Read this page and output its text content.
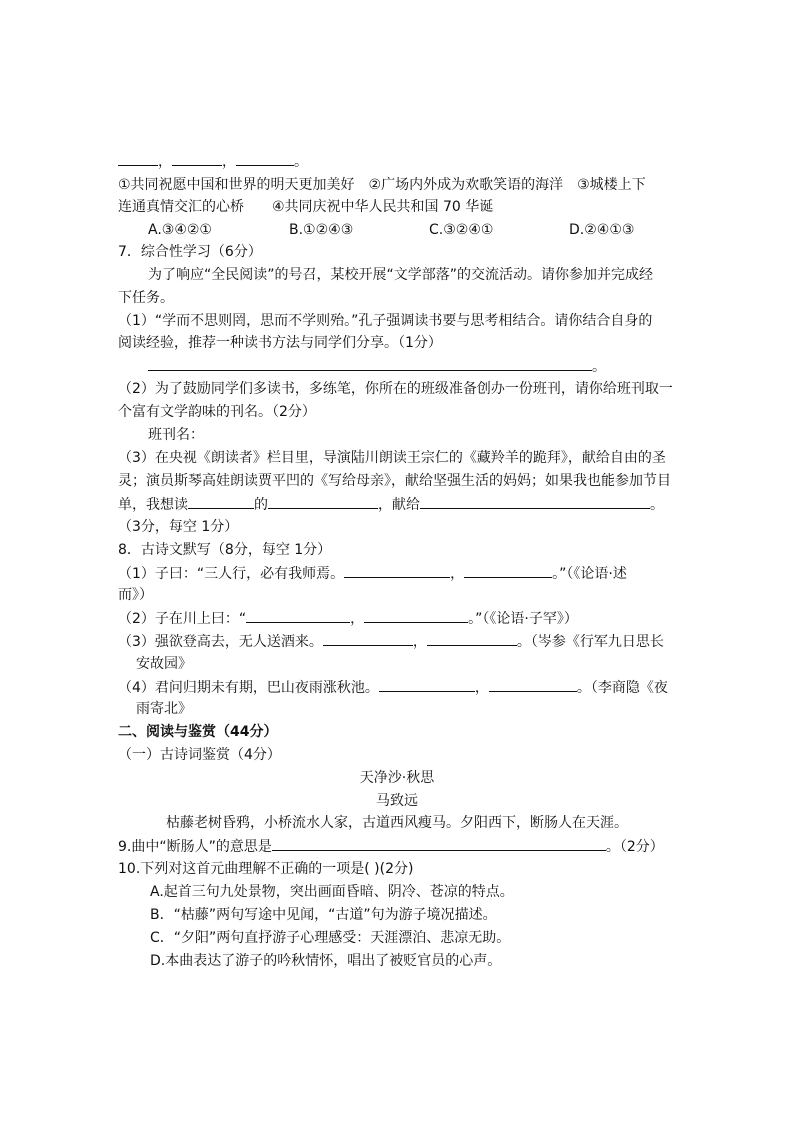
，	，	。
①共同祝愿中国和世界的明天更加美好　②广场内外成为欢歌笑语的海洋　③城楼上下
连通真情交汇的心桥　　④共同庆祝中华人民共和国 70 华诞
A.③④②①	B.①②④③	C.③②④①	D.②④①③
7．综合性学习（6分）
为了响应“全民阅读”的号召，某校开展“文学部落”的交流活动。请你参加并完成经
下任务。
（1）“学而不思则罔，思而不学则殆。”孔子强调读书要与思考相结合。请你结合自身的
阅读经验，推荐一种读书方法与同学们分享。（1分）
。
（2）为了鼓励同学们多读书，多练笔，你所在的班级准备创办一份班刊，请你给班刊取一
个富有文学韵味的刊名。（2分）
班刊名：
（3）在央视《朗读者》栏目里，导演陆川朗读王宗仁的《藏羚羊的跪拜》，献给自由的圣
灵；演员斯琴高娃朗读贾平凹的《写给母亲》，献给坚强生活的妈妈；如果我也能参加节目
单，我想读	的	，献给	。
（3分，每空 1分）
8．古诗文默写（8分，每空 1分）
（1）子曰：“三人行，必有我师焉。	，	。”（《论语·述
而》）
（2）子在川上曰：“	，	。”（《论语·子罕》）
（3）强欲登高去，无人送酒来。	，	。（岑参《行军九日思长
安故园》
（4）君问归期未有期，巴山夜雨涨秋池。	，	。（李商隐《夜
雨寄北》
二、阅读与鉴赏（44分）
（一）古诗词鉴赏（4分）
天净沙·秋思
马致远
枯藤老树昏鸦，小桥流水人家，古道西风瘦马。夕阳西下，断肠人在天涯。
9.曲中“断肠人”的意思是	。（2分）
10.下列对这首元曲理解不正确的一项是( )(2分)
A.起首三句九处景物，突出画面昏暗、阴冷、苍凉的特点。
B．“枯藤”两句写途中见闻，“古道”句为游子境况描述。
C．“夕阳”两句直抒游子心理感受：天涯漂泊、悲凉无助。
D.本曲表达了游子的吟秋情怀，唱出了被贬官员的心声。
